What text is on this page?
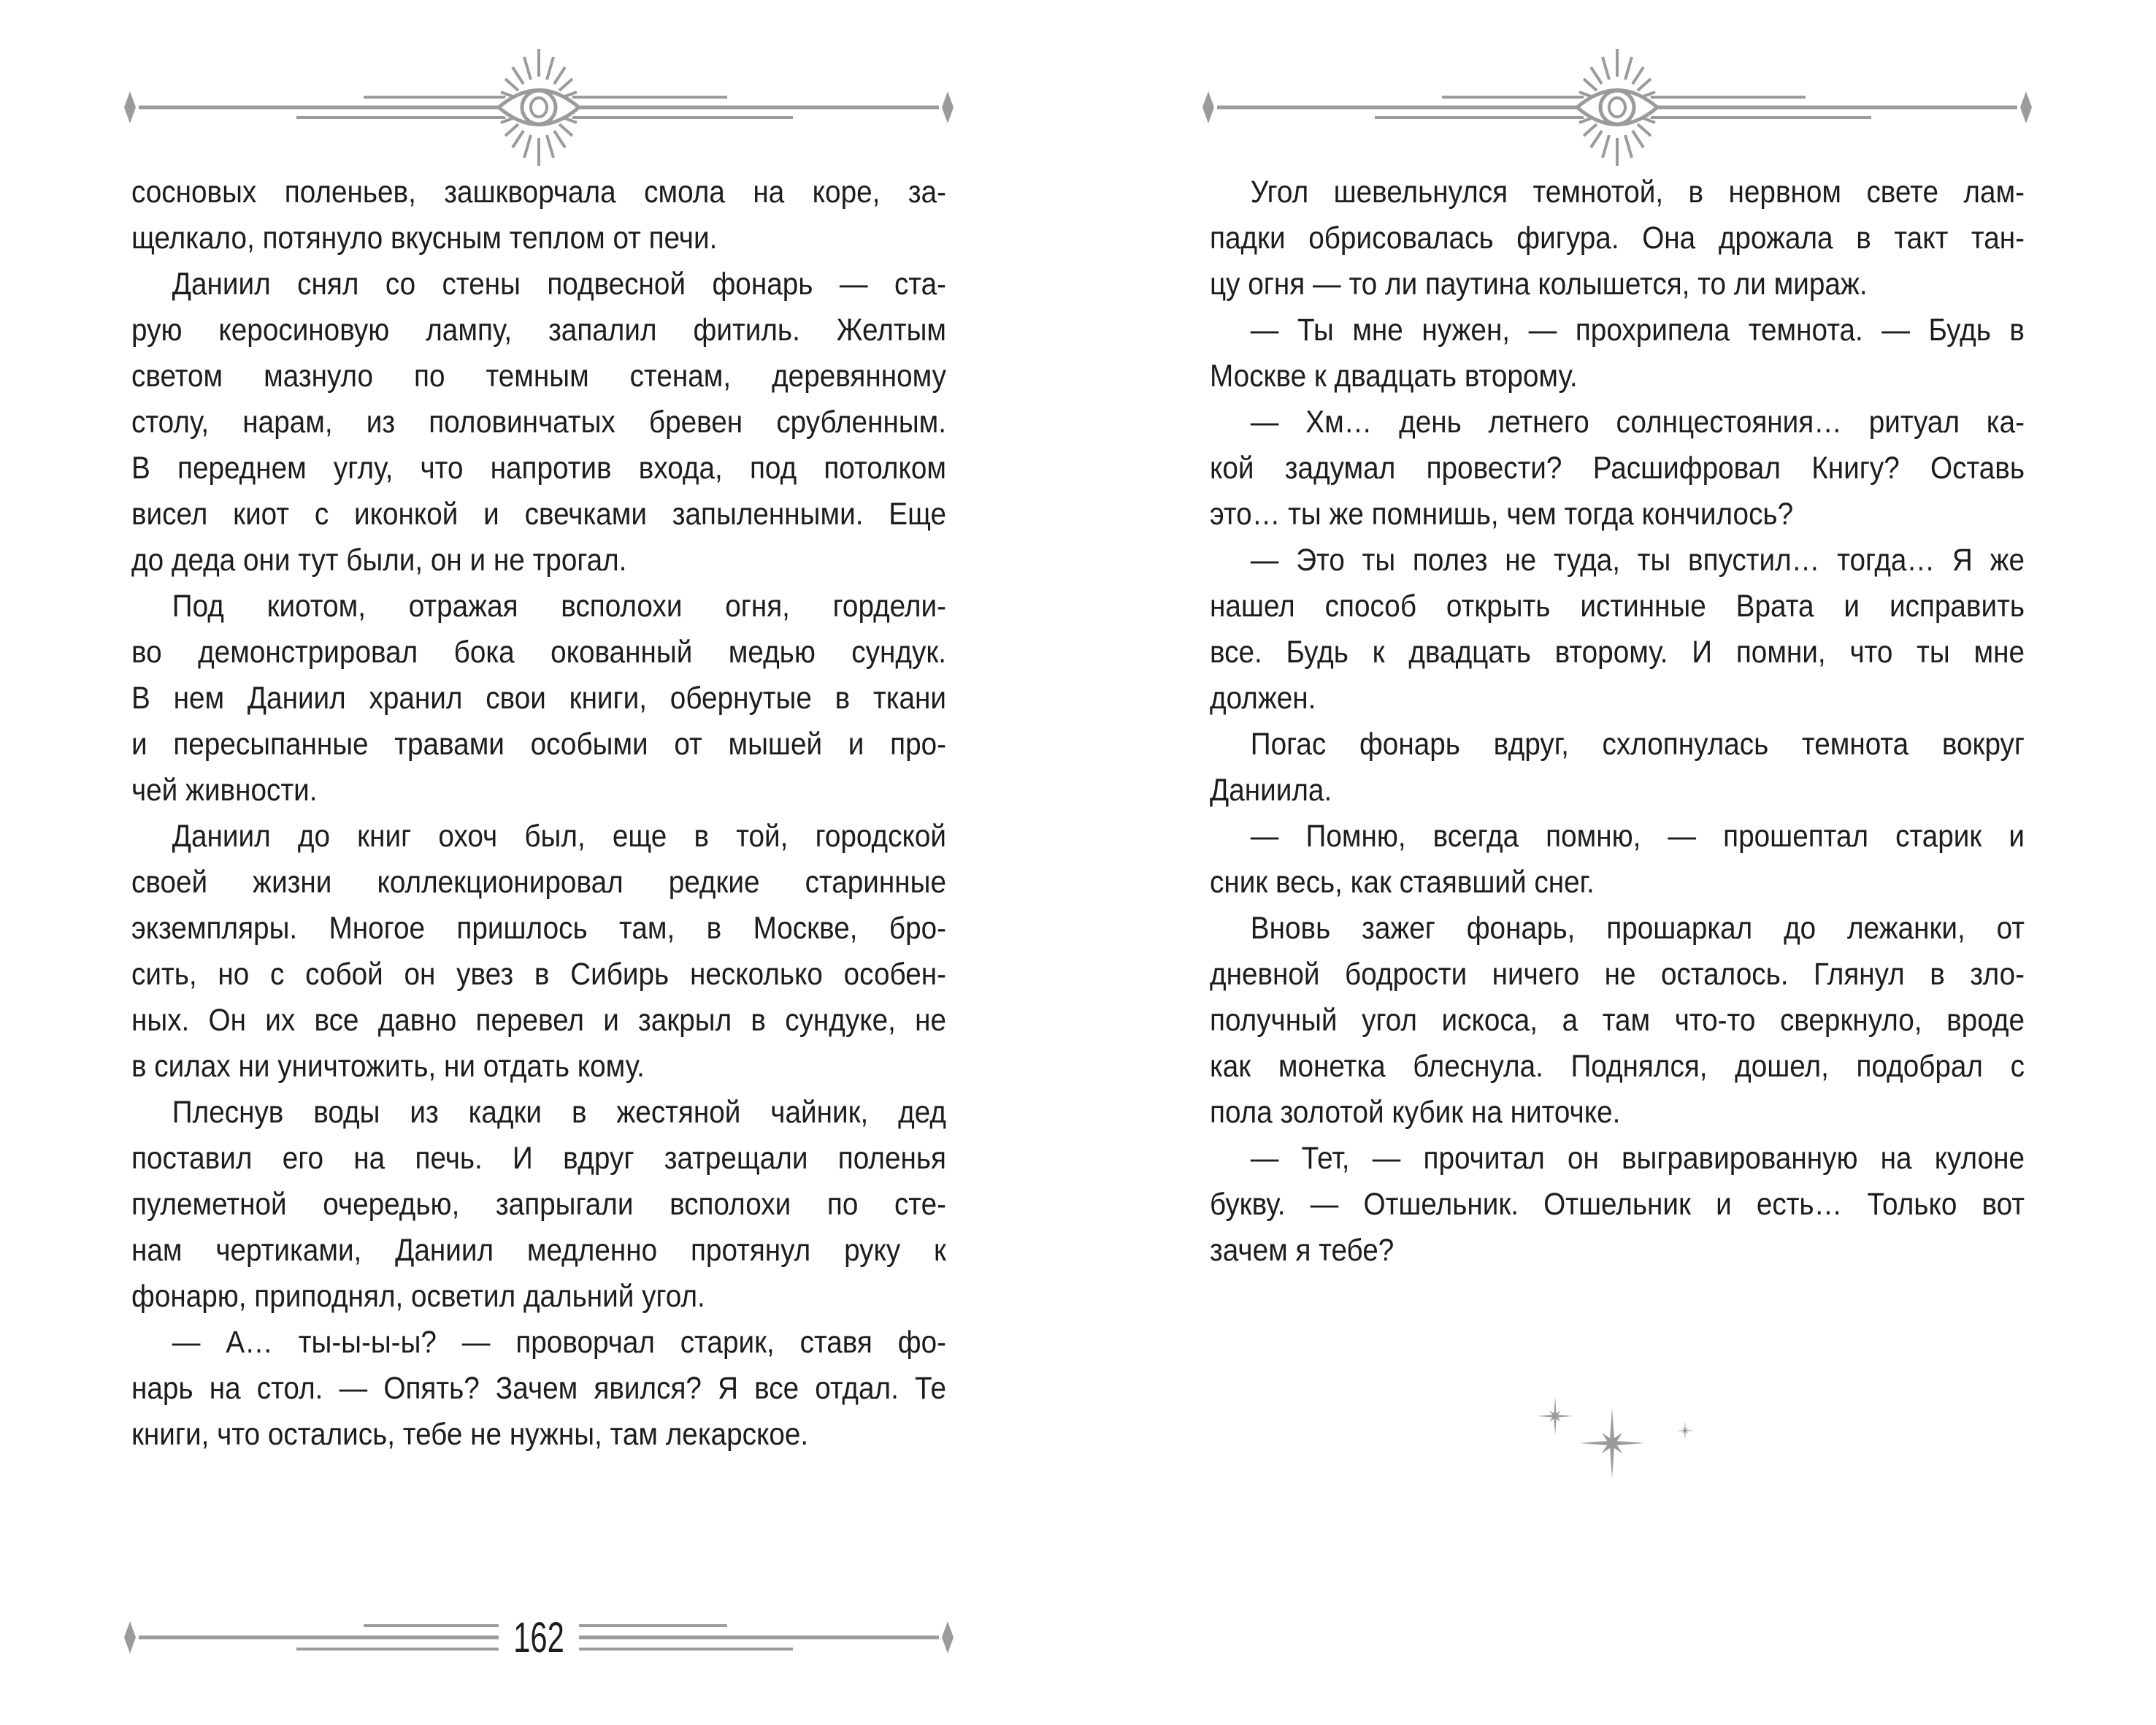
сосновых поленьев, зашкворчала смола на коре, за-
щелкало, потянуло вкусным теплом от печи.
Даниил снял со стены подвесной фонарь — ста-
рую керосиновую лампу, запалил фитиль. Желтым
светом мазнуло по темным стенам, деревянному
столу, нарам, из половинчатых бревен срубленным.
В переднем углу, что напротив входа, под потолком
висел киот с иконкой и свечками запыленными. Еще
до деда они тут были, он и не трогал.
Под киотом, отражая всполохи огня, гордели-
во демонстрировал бока окованный медью сундук.
В нем Даниил хранил свои книги, обернутые в ткани
и пересыпанные травами особыми от мышей и про-
чей живности.
Даниил до книг охоч был, еще в той, городской
своей жизни коллекционировал редкие старинные
экземпляры. Многое пришлось там, в Москве, бро-
сить, но с собой он увез в Сибирь несколько особен-
ных. Он их все давно перевел и закрыл в сундуке, не
в силах ни уничтожить, ни отдать кому.
Плеснув воды из кадки в жестяной чайник, дед
поставил его на печь. И вдруг затрещали поленья
пулеметной очередью, запрыгали всполохи по сте-
нам чертиками, Даниил медленно протянул руку к
фонарю, приподнял, осветил дальний угол.
— А… ты-ы-ы-ы? — проворчал старик, ставя фо-
нарь на стол. — Опять? Зачем явился? Я все отдал. Те
книги, что остались, тебе не нужны, там лекарское.
162
Угол шевельнулся темнотой, в нервном свете лам-
падки обрисовалась фигура. Она дрожала в такт тан-
цу огня — то ли паутина колышется, то ли мираж.
— Ты мне нужен, — прохрипела темнота. — Будь в
Москве к двадцать второму.
— Хм… день летнего солнцестояния… ритуал ка-
кой задумал провести? Расшифровал Книгу? Оставь
это… ты же помнишь, чем тогда кончилось?
— Это ты полез не туда, ты впустил… тогда… Я же
нашел способ открыть истинные Врата и исправить
все. Будь к двадцать второму. И помни, что ты мне
должен.
Погас фонарь вдруг, схлопнулась темнота вокруг
Даниила.
— Помню, всегда помню, — прошептал старик и
сник весь, как стаявший снег.
Вновь зажег фонарь, прошаркал до лежанки, от
дневной бодрости ничего не осталось. Глянул в зло-
получный угол искоса, а там что-то сверкнуло, вроде
как монетка блеснула. Поднялся, дошел, подобрал с
пола золотой кубик на ниточке.
— Тет, — прочитал он выгравированную на кулоне
букву. — Отшельник. Отшельник и есть… Только вот
зачем я тебе?
